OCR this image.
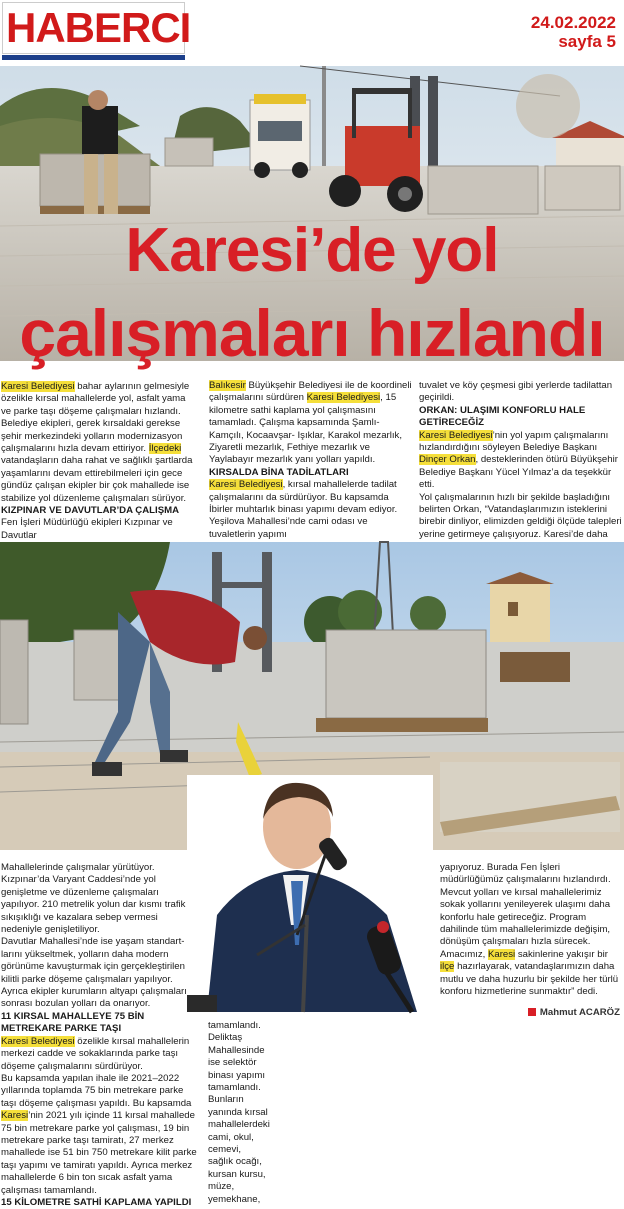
HABERCI	24.02.2022
sayfa 5
Karesi’de yol
çalışmaları hızlandı

Karesi Belediyesi bahar aylarının gelmesiyle özelikle kırsal mahallelerde yol, asfalt yama ve parke taşı döşeme çalışmaları hızlandı. Belediye ekipleri, gerek kırsaldaki gerekse şehir merkezindeki yolların modernizasyon çalışmalarını hızla devam ettiriyor. İlçedeki vatandaşların daha rahat ve sağlıklı şartlarda yaşamlarını devam ettirebilmeleri için gece gündüz çalışan ekipler bir çok mahallede ise stabilize yol düzenleme çalışmaları sürüyor.

KIZPINAR VE DAVUTLAR’DA ÇALIŞMA

Fen İşleri Müdürlüğü ekipleri Kızpınar ve Davutlar

Balıkesir Büyükşehir Belediyesi ile de koordineli çalışmalarını sürdüren Karesi Belediyesi, 15 kilometre sathi kaplama yol çalışmasını tamamladı. Çalışma kapsamında Şamlı- Kamçılı, Kocaavşar- Işıklar, Karakol mezarlık, Ziyaretli mezarlık, Fethiye mezarlık ve Yaylabayır mezarlık yanı yolları yapıldı.

KIRSALDA BİNA TADİLATLARI

Karesi Belediyesi, kırsal mahallelerde tadilat çalışmalarını da sürdürüyor. Bu kapsamda İbirler muhtarlık binası yapımı devam ediyor. Yeşilova Mahallesi’nde cami odası ve tuvaletlerin yapımı

tuvalet ve köy çeşmesi gibi yerlerde tadilattan geçirildi.

ORKAN: ULAŞIMI KONFORLU HALE GETİRECEĞİZ

Karesi Belediyesi’nin yol yapım çalışmalarını hızlandırdığını söyleyen Belediye Başkanı Dinçer Orkan, desteklerinden ötürü Büyükşehir Belediye Başkanı Yücel Yılmaz’a da teşekkür etti.

Yol çalışmalarının hızlı bir şekilde başladığını belirten Orkan, “Vatandaşlarımızın isteklerini birebir dinliyor, elimizden geldiği ölçüde talepleri yerine getirmeye çalışıyoruz. Karesi’de daha

Mahallelerinde çalışmalar yürütüyor.

Kızpınar’da Varyant Caddesi’nde yol genişletme ve düzenleme çalışmaları yapılıyor. 210 metrelik yolun dar kısmı trafik sıkışıklığı ve kazalara sebep vermesi nedeniyle genişletiliyor.

Davutlar Mahallesi’nde ise yaşam standart- larını yükseltmek, yolların daha modern görünüme kavuşturmak için gerçekleştirilen kilitli parke döşeme çalışmaları yapılıyor.

Ayrıca ekipler kurumların altyapı çalışmaları sonrası bozulan yolları da onarıyor.

11 KIRSAL MAHALLEYE 75 BİN METREKARE PARKE TAŞI

Karesi Belediyesi özelikle kırsal mahallelerin merkezi cadde ve sokaklarında parke taşı döşeme çalışmalarını sürdürüyor.

Bu kapsamda yapılan ihale ile 2021–2022 yıllarında toplamda 75 bin metrekare parke taşı döşeme çalışması yapıldı. Bu kapsamda Karesi’nin 2021 yılı içinde 11 kırsal mahallede 75 bin metrekare parke yol çalışması, 19 bin metrekare parke taşı tamiratı, 27 merkez mahallede ise 51 bin 750 metrekare kilit parke taşı yapımı ve tamiratı yapıldı. Ayrıca merkez mahallelerde 6 bin ton sıcak asfalt yama çalışması tamamlandı.

15 KİLOMETRE SATHİ KAPLAMA YAPILDI

yapıyoruz. Burada Fen İşleri müdürlüğümüz çalışmalarını hızlandırdı. Mevcut yolları ve kırsal mahallelerimiz sokak yollarını yenileyerek ulaşımı daha konforlu hale getireceğiz. Program dahilinde tüm mahallelerimizde değişim, dönüşüm çalışmaları hızla sürecek. Amacımız, Karesi sakinlerine yakışır bir ilçe hazırlayarak, vatandaşlarımızın daha mutlu ve daha huzurlu bir şekilde her türlü konforu hizmetlerine sunmaktır” dedi.

tamamlandı. Deliktaş Mahallesinde ise selektör binası yapımı tamamlandı. Bunların yanında kırsal mahallelerdeki cami, okul, cemevi, sağlık ocağı, kursan kursu, müze, yemekhane,

Mahmut ACARÖZ
